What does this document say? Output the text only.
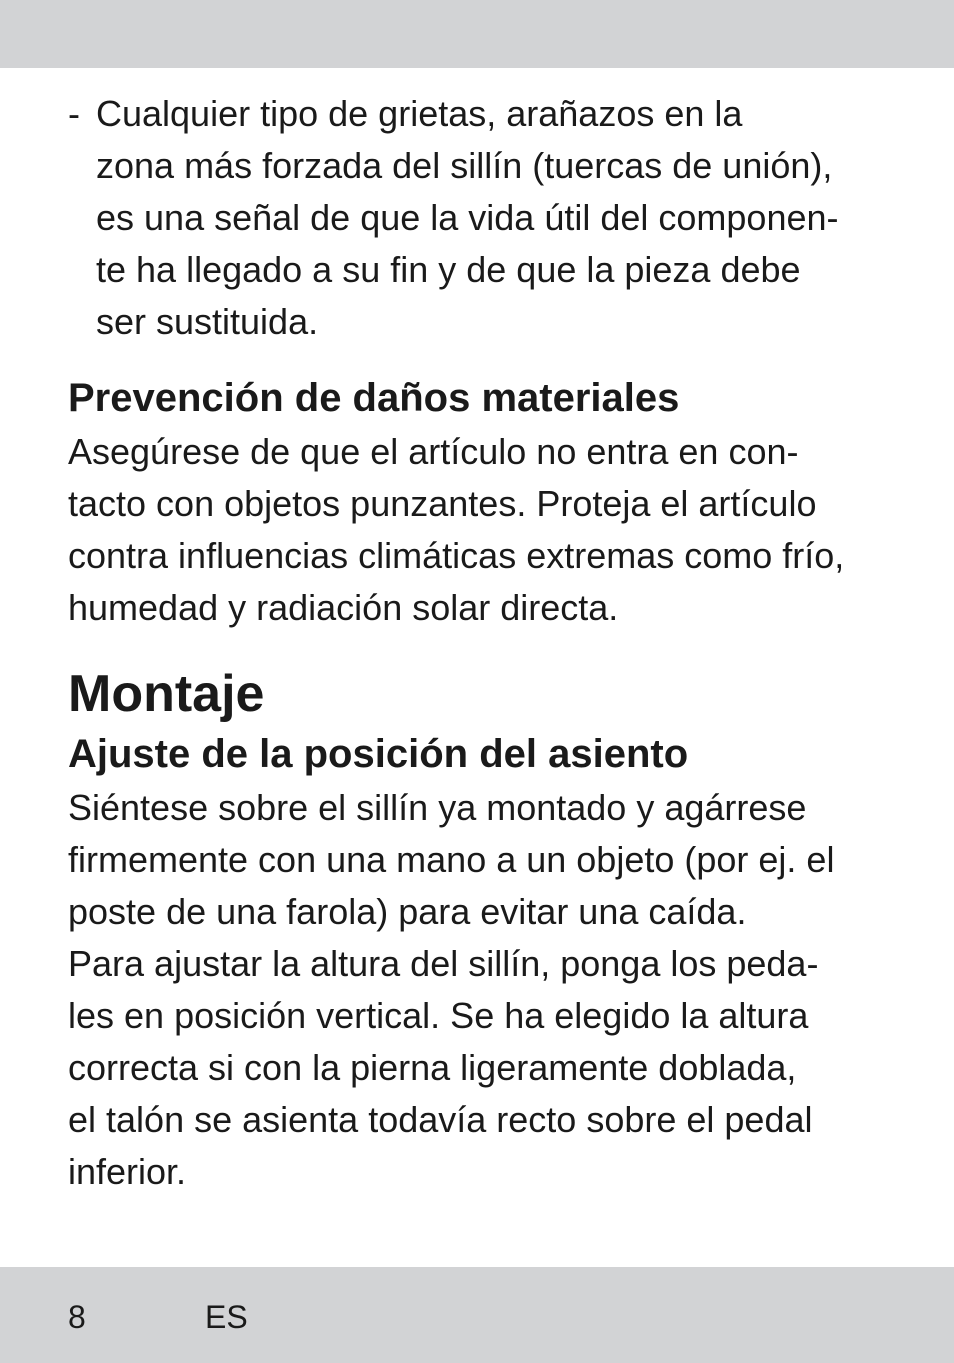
- Cualquier tipo de grietas, arañazos en la
zona más forzada del sillín (tuercas de unión),
es una señal de que la vida útil del componen-
te ha llegado a su fin y de que la pieza debe
ser sustituida.
Prevención de daños materiales
Asegúrese de que el artículo no entra en con-
tacto con objetos punzantes. Proteja el artículo
contra influencias climáticas extremas como frío,
humedad y radiación solar directa.
Montaje
Ajuste de la posición del asiento
Siéntese sobre el sillín ya montado y agárrese
firmemente con una mano a un objeto (por ej. el
poste de una farola) para evitar una caída.
Para ajustar la altura del sillín, ponga los peda-
les en posición vertical. Se ha elegido la altura
correcta si con la pierna ligeramente doblada,
el talón se asienta todavía recto sobre el pedal
inferior.
8	ES
